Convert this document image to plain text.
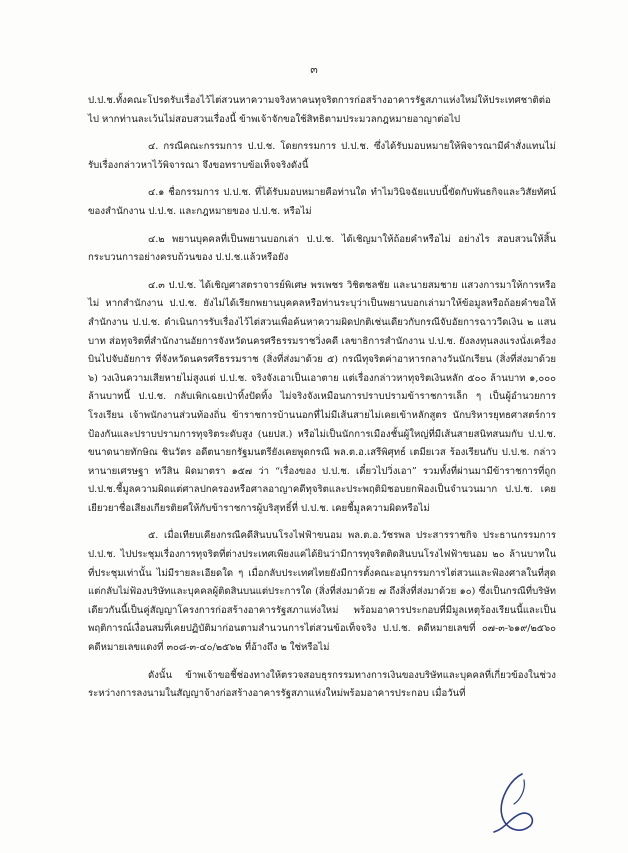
๓

ป.ป.ช.ทั้งคณะโปรดรับเรื่องไว้ไต่สวนหาความจริงหาคนทุจริตการก่อสร้างอาคารรัฐสภาแห่งใหม่ให้ประเทศชาติต่อไป หากท่านละเว้นไม่สอบสวนเรื่องนี้ ข้าพเจ้าจักขอใช้สิทธิตามประมวลกฎหมายอาญาต่อไป

๔. กรณีคณะกรรมการ ป.ป.ช. โดยกรรมการ ป.ป.ช. ซึ่งได้รับมอบหมายให้พิจารณามีคำสั่งแทนไม่รับเรื่องกล่าวหาไว้พิจารณา จึงขอทราบข้อเท็จจริงดังนี้

๔.๑ ชื่อกรรมการ ป.ป.ช. ที่ได้รับมอบหมายคือท่านใด ทำไมวินิจฉัยแบบนี้ขัดกับพันธกิจและวิสัยทัศน์ของสำนักงาน ป.ป.ช. และกฎหมายของ ป.ป.ช. หรือไม่

๔.๒ พยานบุคคลที่เป็นพยานบอกเล่า ป.ป.ช. ได้เชิญมาให้ถ้อยคำหรือไม่ อย่างไร สอบสวนให้สิ้นกระบวนการอย่างครบถ้วนของ ป.ป.ช.แล้วหรือยัง

๔.๓ ป.ป.ช. ได้เชิญศาสตราจารย์พิเศษ พรเพชร วิชิตชลชัย และนายสมชาย แสวงการมาให้การหรือไม่ หากสำนักงาน ป.ป.ช. ยังไม่ได้เรียกพยานบุคคลหรือท่านระบุว่าเป็นพยานบอกเล่ามาให้ข้อมูลหรือถ้อยคำขอให้สำนักงาน ป.ป.ช. ดำเนินการรับเรื่องไว้ไต่สวนเพื่อค้นหาความผิดปกติเช่นเดียวกับกรณีจับอัยการฉาววีดเงิน ๒ แสนบาท ส่อทุจริตที่สำนักงานอัยการจังหวัดนครศรีธรรมราชวิ่งคดี เลขาธิการสำนักงาน ป.ป.ช. ยังลงทุนลงแรงนั่งเครื่องบินไปจับอัยการ ที่จังหวัดนครศรีธรรมราช (สิ่งที่ส่งมาด้วย ๕) กรณีทุจริตค่าอาหารกลางวันนักเรียน (สิ่งที่ส่งมาด้วย ๖) วงเงินความเสียหายไม่สูงแต่ ป.ป.ช. จริงจังเอาเป็นเอาตาย แต่เรื่องกล่าวหาทุจริตเงินหลัก ๕๐๐ ล้านบาท ๑,๐๐๐ ล้านบาทนี้ ป.ป.ช. กลับเพิกเฉยเป่าทิ้งปัดทิ้ง ไม่จริงจังเหมือนการปราบปรามข้าราชการเล็ก ๆ เป็นผู้อำนวยการโรงเรียน เจ้าพนักงานส่วนท้องถิ่น ข้าราชการบ้านนอกที่ไม่มีเส้นสายไม่เคยเข้าหลักสูตร นักบริหารยุทธศาสตร์การป้องกันและปราบปรามการทุจริตระดับสูง (นยปส.) หรือไม่เป็นนักการเมืองชั้นผู้ใหญ่ที่มีเส้นสายสนิทสนมกับ ป.ป.ช. ขนาดนายทักษิณ ชินวัตร อดีตนายกรัฐมนตรียังเคยพูดกรณี พล.ต.อ.เสรีพิศุทธ์ เตมียเวส ร้องเรียนกับ ป.ป.ช. กล่าวหานายเศรษฐา ทวีสิน ผิดมาตรา ๑๕๗ ว่า “เรื่องของ ป.ป.ช. เดี๋ยวไปวิ่งเอา” รวมทั้งที่ผ่านมามีข้าราชการที่ถูก ป.ป.ช.ชี้มูลความผิดแต่ศาลปกครองหรือศาลอาญาคดีทุจริตและประพฤติมิชอบยกฟ้องเป็นจำนวนมาก ป.ป.ช. เคยเยียวยาชื่อเสียงเกียรติยศให้กับข้าราชการผู้บริสุทธิ์ที่ ป.ป.ช. เคยชี้มูลความผิดหรือไม่

๕. เมื่อเทียบเคียงกรณีคดีสินบนโรงไฟฟ้าขนอม พล.ต.อ.วัชรพล ประสารราชกิจ ประธานกรรมการ ป.ป.ช. ไปประชุมเรื่องการทุจริตที่ต่างประเทศเพียงแค่ได้ยินว่ามีการทุจริตติดสินบนโรงไฟฟ้าขนอม ๒๐ ล้านบาทในที่ประชุมเท่านั้น ไม่มีรายละเอียดใด ๆ เมื่อกลับประเทศไทยยังมีการตั้งคณะอนุกรรมการไต่สวนและฟ้องศาลในที่สุด แต่กลับไม่ฟ้องบริษัทและบุคคลผู้ติดสินบนแต่ประการใด (สิ่งที่ส่งมาด้วย ๗ ถึงสิ่งที่ส่งมาด้วย ๑๐) ซึ่งเป็นกรณีที่บริษัทเดียวกันนี้เป็นคู่สัญญาโครงการก่อสร้างอาคารรัฐสภาแห่งใหม่ พร้อมอาคารประกอบที่มีมูลเหตุร้องเรียนนี้และเป็นพฤติการณ์เงื่อนสมที่เคยปฏิบัติมาก่อนตามสำนวนการไต่สวนข้อเท็จจริง ป.ป.ช. คดีหมายเลขที่ ๐๗-๓-๖๑๙/๒๕๖๐ คดีหมายเลขแดงที่ ๓๐๘-๓-๔๐/๒๕๖๒ ที่อ้างถึง ๒ ใช่หรือไม่

ดังนั้น ข้าพเจ้าขอชี้ช่องทางให้ตรวจสอบธุรกรรมทางการเงินของบริษัทและบุคคลที่เกี่ยวข้องในช่วงระหว่างการลงนามในสัญญาจ้างก่อสร้างอาคารรัฐสภาแห่งใหม่พร้อมอาคารประกอบ เมื่อวันที่
